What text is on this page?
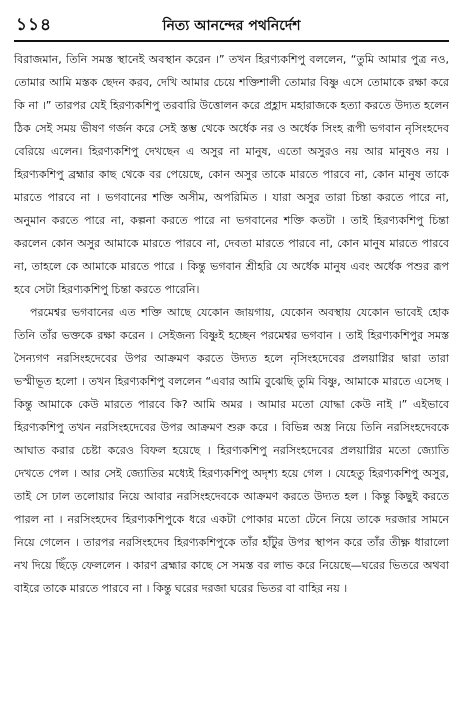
১১৪	নিত্য আনন্দের পথনির্দেশ

বিরাজমান, তিনি সমস্ত স্থানেই অবস্থান করেন ।” তখন হিরণ্যকশিপু বললেন, “তুমি আমার পুত্র নও, তোমার আমি মস্তক ছেদন করব, দেখি আমার চেয়ে শক্তিশালী তোমার বিষ্ণু এসে তোমাকে রক্ষা করে কি না ।” তারপর যেই হিরণ্যকশিপু তরবারি উত্তোলন করে প্রহ্লাদ মহারাজকে হত্যা করতে উদ্যত হলেন ঠিক সেই সময় ভীষণ গর্জন করে সেই স্তম্ভ থেকে অর্ধেক নর ও অর্ধেক সিংহ রূপী ভগবান নৃসিংহদেব বেরিয়ে এলেন। হিরণ্যকশিপু দেখছেন এ অসুর না মানুষ, এতো অসুরও নয় আর মানুষও নয় । হিরণ্যকশিপু ব্রহ্মার কাছ থেকে বর পেয়েছে, কোন অসুর তাকে মারতে পারবে না, কোন মানুষ তাকে মারতে পারবে না । ভগবানের শক্তি অসীম, অপরিমিত । যারা অসুর তারা চিন্তা করতে পারে না, অনুমান করতে পারে না, কল্পনা করতে পারে না ভগবানের শক্তি কতটা । তাই হিরণ্যকশিপু চিন্তা করলেন কোন অসুর আমাকে মারতে পারবে না, দেবতা মারতে পারবে না, কোন মানুষ মারতে পারবে না, তাহলে কে আমাকে মারতে পারে । কিন্তু ভগবান শ্রীহরি যে অর্ধেক মানুষ এবং অর্ধেক পশুর রূপ হবে সেটা হিরণ্যকশিপু চিন্তা করতে পারেনি।

পরমেশ্বর ভগবানের এত শক্তি আছে যেকোন জায়গায়, যেকোন অবস্থায় যেকোন ভাবেই হোক তিনি তাঁর ভক্তকে রক্ষা করেন । সেইজন্য বিষ্ণুই হচ্ছেন পরমেশ্বর ভগবান । তাই হিরণ্যকশিপুর সমস্ত সৈন্যগণ নরসিংহদেবের উপর আক্রমণ করতে উদ্যত হলে নৃসিংহদেবের প্রলয়াগ্নির দ্বারা তারা ভস্মীভূত হলো । তখন হিরণ্যকশিপু বললেন “এবার আমি বুঝেছি তুমি বিষ্ণু, আমাকে মারতে এসেছ । কিন্তু আমাকে কেউ মারতে পারবে কি? আমি অমর । আমার মতো যোদ্ধা কেউ নাই ।” এইভাবে হিরণ্যকশিপু তখন নরসিংহদেবের উপর আক্রমণ শুরু করে । বিভিন্ন অস্ত্র নিয়ে তিনি নরসিংহদেবকে আঘাত করার চেষ্টা করেও বিফল হয়েছে । হিরণ্যকশিপু নরসিংহদেবের প্রলয়াগ্নির মতো জ্যোতি দেখতে পেল । আর সেই জ্যোতির মধ্যেই হিরণ্যকশিপু অদৃশ্য হয়ে গেল । যেহেতু হিরণ্যকশিপু অসুর, তাই সে ঢাল তলোয়ার নিয়ে আবার নরসিংহদেবকে আক্রমণ করতে উদ্যত হল । কিন্তু কিছুই করতে পারল না । নরসিংহদেব হিরণ্যকশিপুকে ধরে একটা পোকার মতো টেনে নিয়ে তাকে দরজার সামনে নিয়ে গেলেন । তারপর নরসিংহদেব হিরণ্যকশিপুকে তাঁর হাঁটুর উপর স্থাপন করে তাঁর তীক্ষ্ণ ধারালো নখ দিয়ে ছিঁড়ে ফেললেন । কারণ ব্রহ্মার কাছে সে সমস্ত বর লাভ করে নিয়েছে—ঘরের ভিতরে অথবা বাইরে তাকে মারতে পারবে না । কিন্তু ঘরের দরজা ঘরের ভিতর বা বাহির নয় ।
